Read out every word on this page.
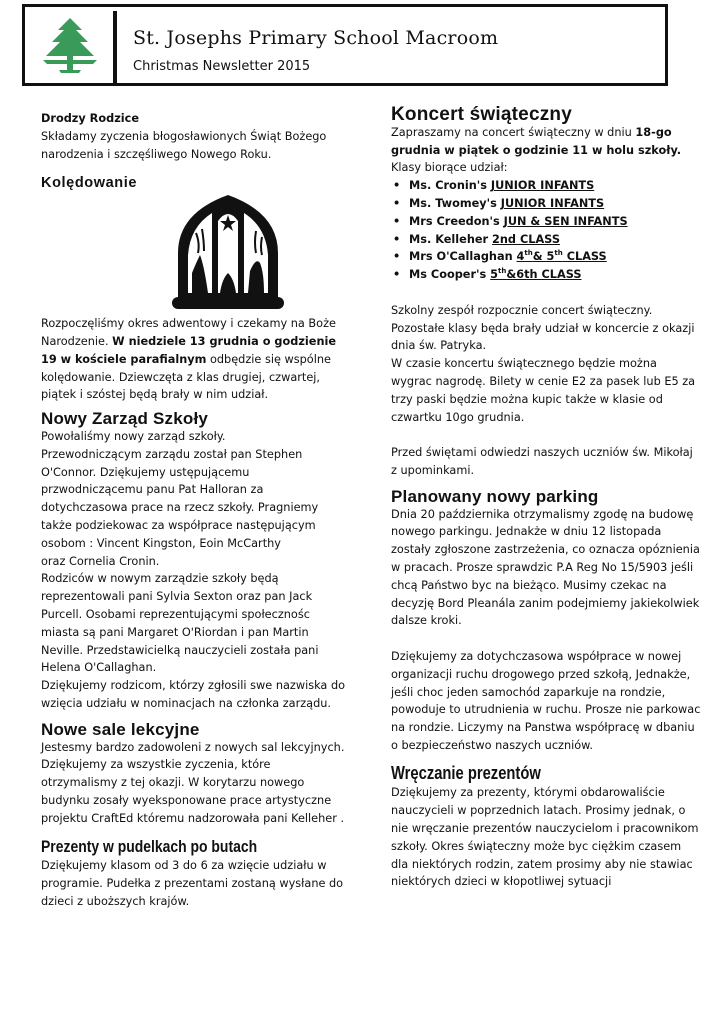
St. Josephs Primary School Macroom
Christmas Newsletter 2015

Drodzy Rodzice

Składamy zyczenia błogosławionych Świąt Bożego narodzenia i szczęśliwego Nowego Roku.

Kolędowanie

Rozpoczęliśmy okres adwentowy i czekamy na Boże Narodzenie. W niedziele 13 grudnia o godzienie 19 w kościele parafialnym odbędzie się wspólne kolędowanie. Dziewczęta z klas drugiej, czwartej, piątek i szóstej będą brały w nim udział.

Nowy Zarząd Szkoły

Powołaliśmy nowy zarząd szkoły.
Przewodniczącym zarządu został pan Stephen O'Connor. Dziękujemy ustępującemu przwodniczącemu panu Pat Halloran za dotychczasowa prace na rzecz szkoły. Pragniemy także podziekowac za współprace następującym osobom : Vincent Kingston, Eoin McCarthy
oraz Cornelia Cronin.
Rodziców w nowym zarządzie szkoły będą reprezentowali pani Sylvia Sexton oraz pan Jack Purcell. Osobami reprezentującymi społecznośc miasta są pani Margaret O'Riordan i pan Martin Neville. Przedstawicielką nauczycieli została pani Helena O'Callaghan.
Dziękujemy rodzicom, którzy zgłosili swe nazwiska do wzięcia udziału w nominacjach na członka zarządu.

Nowe sale lekcyjne

Jestesmy bardzo zadowoleni z nowych sal lekcyjnych. Dziękujemy za wszystkie zyczenia, które otrzymalismy z tej okazji. W korytarzu nowego budynku zosały wyeksponowane prace artystyczne projektu CraftEd któremu nadzorowała pani Kelleher .

Prezenty w pudelkach po butach

Dziękujemy klasom od 3 do 6 za wzięcie udziału w programie. Pudełka z prezentami zostaną wysłane do dzieci z uboższych krajów.

Koncert świąteczny

Zapraszamy na concert świąteczny w dniu 18-go grudnia w piątek o godzinie 11 w holu szkoły.

Klasy biorące udział:

• Ms. Cronin's JUNIOR INFANTS
• Ms. Twomey's JUNIOR INFANTS
• Mrs Creedon's JUN & SEN INFANTS
• Ms. Kelleher 2nd CLASS
• Mrs O'Callaghan 4th& 5th CLASS
• Ms Cooper's 5th&6th CLASS

Szkolny zespół rozpocznie concert świąteczny. Pozostałe klasy będa brały udział w koncercie z okazji dnia św. Patryka.
W czasie koncertu świątecznego będzie można wygrac nagrodę. Bilety w cenie E2 za pasek lub E5 za trzy paski będzie można kupic także w klasie od czwartku 10go grudnia.

Przed świętami odwiedzi naszych uczniów św. Mikołaj z upominkami.

Planowany nowy parking

Dnia 20 października otrzymalismy zgodę na budowę nowego parkingu. Jednakże w dniu 12 listopada zostały zgłoszone zastrzeżenia, co oznacza opóznienia w pracach. Prosze sprawdzic P.A Reg No 15/5903 jeśli chcą Państwo byc na bieżąco. Musimy czekac na decyzję Bord Pleanála zanim podejmiemy jakiekolwiek dalsze kroki.

Dziękujemy za dotychczasowa współprace w nowej organizacji ruchu drogowego przed szkołą, Jednakże, jeśli choc jeden samochód zaparkuje na rondzie, powoduje to utrudnienia w ruchu. Prosze nie parkowac na rondzie. Liczymy na Panstwa współpracę w dbaniu o bezpieczeństwo naszych uczniów.

Wręczanie prezentów

Dziękujemy za prezenty, którymi obdarowaliście nauczycieli w poprzednich latach. Prosimy jednak, o nie wręczanie prezentów nauczycielom i pracownikom szkoły. Okres świąteczny może byc ciężkim czasem dla niektórych rodzin, zatem prosimy aby nie stawiac niektórych dzieci w kłopotliwej sytuacji
